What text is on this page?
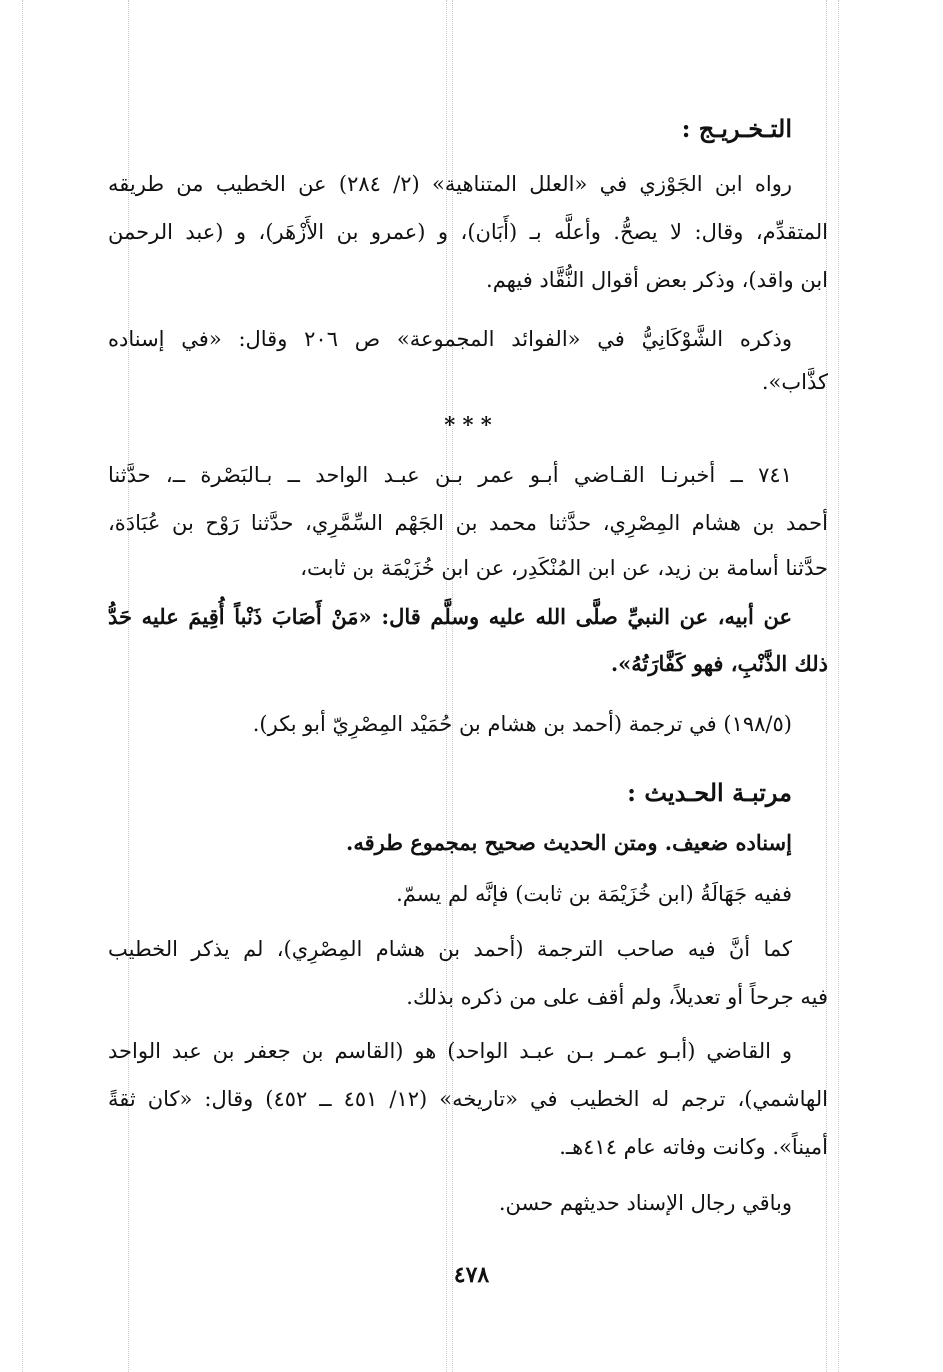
التـخـريـج :
رواه ابن الجَوْزي في «العلل المتناهية» (٢/ ٢٨٤) عن الخطيب من طريقه
المتقدِّم، وقال: لا يصحُّ. وأعلَّه بـ (أَبَان)، و (عمرو بن الأَزْهَر)، و (عبد الرحمن
ابن واقد)، وذكر بعض أقوال النُّقَّاد فيهم.
وذكره الشَّوْكَانِيُّ في «الفوائد المجموعة» ص ٢٠٦ وقال: «في إسناده
كذَّاب».
* * *
٧٤١ ــ أخبرنـا القـاضي أبـو عمر بـن عبـد الواحد ــ بـالبَصْرة ــ، حدَّثنا
أحمد بن هشام المِصْرِي، حدَّثنا محمد بن الجَهْم السِّمَّرِي، حدَّثنا رَوْح بن عُبَادَة،
حدَّثنا أسامة بن زيد، عن ابن المُنْكَدِر، عن ابن خُزَيْمَة بن ثابت،
عن أبيه، عن النبيِّ صلَّى الله عليه وسلَّم قال: «مَنْ أَصَابَ ذَنْباً أُقِيمَ عليه حَدُّ
ذلك الذَّنْبِ، فهو كَفَّارَتُهُ».
(١٩٨/٥) في ترجمة (أحمد بن هشام بن حُمَيْد المِصْرِيّ أبو بكر).
مرتبـة الحـديث :
إسناده ضعيف. ومتن الحديث صحيح بمجموع طرقه.
ففيه جَهَالَةُ (ابن خُزَيْمَة بن ثابت) فإنَّه لم يسمّ.
كما أنَّ فيه صاحب الترجمة (أحمد بن هشام المِصْرِي)، لم يذكر الخطيب
فيه جرحاً أو تعديلاً، ولم أقف على من ذكره بذلك.
و القاضي (أبـو عمـر بـن عبـد الواحد) هو (القاسم بن جعفر بن عبد الواحد
الهاشمي)، ترجم له الخطيب في «تاريخه» (١٢/ ٤٥١ ــ ٤٥٢) وقال: «كان ثقةً
أميناً». وكانت وفاته عام ٤١٤هـ.
وباقي رجال الإسناد حديثهم حسن.
٤٧٨
